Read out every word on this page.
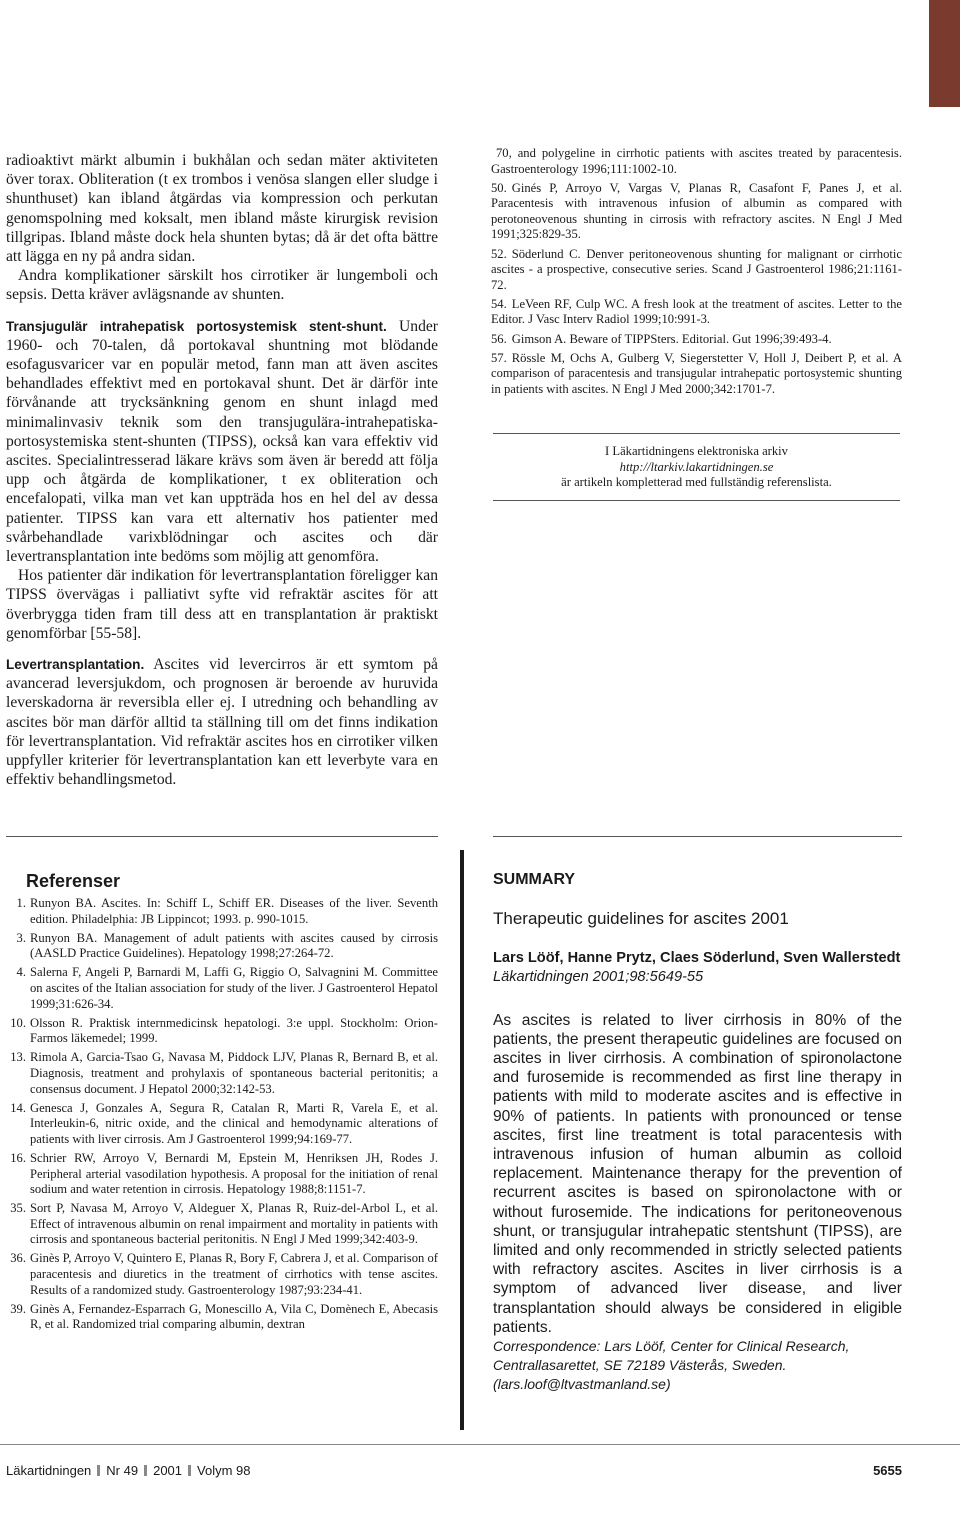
radioaktivt märkt albumin i bukhålan och sedan mäter aktiviteten över torax. Obliteration (t ex trombos i venösa slangen eller sludge i shunthuset) kan ibland åtgärdas via kompression och perkutan genomspolning med koksalt, men ibland måste kirurgisk revision tillgripas. Ibland måste dock hela shunten bytas; då är det ofta bättre att lägga en ny på andra sidan.

Andra komplikationer särskilt hos cirrotiker är lungemboli och sepsis. Detta kräver avlägsnande av shunten.

Transjugulär intrahepatisk portosystemisk stent-shunt. Under 1960- och 70-talen, då portokaval shuntning mot blödande esofagusvaricer var en populär metod, fann man att även ascites behandlades effektivt med en portokaval shunt. Det är därför inte förvånande att trycksänkning genom en shunt inlagd med minimalinvasiv teknik som den transjugulära-intrahepatiska-portosystemiska stent-shunten (TIPSS), också kan vara effektiv vid ascites. Specialintresserad läkare krävs som även är beredd att följa upp och åtgärda de komplikationer, t ex obliteration och encefalopati, vilka man vet kan uppträda hos en hel del av dessa patienter. TIPSS kan vara ett alternativ hos patienter med svårbehandlade varixblödningar och ascites och där levertransplantation inte bedöms som möjlig att genomföra.

Hos patienter där indikation för levertransplantation föreligger kan TIPSS övervägas i palliativt syfte vid refraktär ascites för att överbrygga tiden fram till dess att en transplantation är praktiskt genomförbar [55-58].

Levertransplantation. Ascites vid levercirros är ett symtom på avancerad leversjukdom, och prognosen är beroende av huruvida leverskadorna är reversibla eller ej. I utredning och behandling av ascites bör man därför alltid ta ställning till om det finns indikation för levertransplantation. Vid refraktär ascites hos en cirrotiker vilken uppfyller kriterier för levertransplantation kan ett leverbyte vara en effektiv behandlingsmetod.

70, and polygeline in cirrhotic patients with ascites treated by paracentesis. Gastroenterology 1996;111:1002-10.
50. Ginés P, Arroyo V, Vargas V, Planas R, Casafont F, Panes J, et al. Paracentesis with intravenous infusion of albumin as compared with perotoneovenous shunting in cirrosis with refractory ascites. N Engl J Med 1991;325:829-35.
52. Söderlund C. Denver peritoneovenous shunting for malignant or cirrhotic ascites - a prospective, consecutive series. Scand J Gastroenterol 1986;21:1161-72.
54. LeVeen RF, Culp WC. A fresh look at the treatment of ascites. Letter to the Editor. J Vasc Interv Radiol 1999;10:991-3.
56. Gimson A. Beware of TIPPSters. Editorial. Gut 1996;39:493-4.
57. Rössle M, Ochs A, Gulberg V, Siegerstetter V, Holl J, Deibert P, et al. A comparison of paracentesis and transjugular intrahepatic portosystemic shunting in patients with ascites. N Engl J Med 2000;342:1701-7.
I Läkartidningens elektroniska arkiv
http://ltarkiv.lakartidningen.se
är artikeln kompletterad med fullständig referenslista.
Referenser
1. Runyon BA. Ascites. In: Schiff L, Schiff ER. Diseases of the liver. Seventh edition. Philadelphia: JB Lippincot; 1993. p. 990-1015.
3. Runyon BA. Management of adult patients with ascites caused by cirrosis (AASLD Practice Guidelines). Hepatology 1998;27:264-72.
4. Salerna F, Angeli P, Barnardi M, Laffi G, Riggio O, Salvagnini M. Committee on ascites of the Italian association for study of the liver. J Gastroenterol Hepatol 1999;31:626-34.
10. Olsson R. Praktisk internmedicinsk hepatologi. 3:e uppl. Stockholm: Orion-Farmos läkemedel; 1999.
13. Rimola A, Garcia-Tsao G, Navasa M, Piddock LJV, Planas R, Bernard B, et al. Diagnosis, treatment and prohylaxis of spontaneous bacterial peritonitis; a consensus document. J Hepatol 2000;32:142-53.
14. Genesca J, Gonzales A, Segura R, Catalan R, Marti R, Varela E, et al. Interleukin-6, nitric oxide, and the clinical and hemodynamic alterations of patients with liver cirrosis. Am J Gastroenterol 1999;94:169-77.
16. Schrier RW, Arroyo V, Bernardi M, Epstein M, Henriksen JH, Rodes J. Peripheral arterial vasodilation hypothesis. A proposal for the initiation of renal sodium and water retention in cirrosis. Hepatology 1988;8:1151-7.
35. Sort P, Navasa M, Arroyo V, Aldeguer X, Planas R, Ruiz-del-Arbol L, et al. Effect of intravenous albumin on renal impairment and mortality in patients with cirrosis and spontaneous bacterial peritonitis. N Engl J Med 1999;342:403-9.
36. Ginès P, Arroyo V, Quintero E, Planas R, Bory F, Cabrera J, et al. Comparison of paracentesis and diuretics in the treatment of cirrhotics with tense ascites. Results of a randomized study. Gastroenterology 1987;93:234-41.
39. Ginès A, Fernandez-Esparrach G, Monescillo A, Vila C, Domènech E, Abecasis R, et al. Randomized trial comparing albumin, dextran

SUMMARY

Therapeutic guidelines for ascites 2001

Lars Lööf, Hanne Prytz, Claes Söderlund, Sven Wallerstedt

Läkartidningen 2001;98:5649-55

As ascites is related to liver cirrhosis in 80% of the patients, the present therapeutic guidelines are focused on ascites in liver cirrhosis. A combination of spironolactone and furosemide is recommended as first line therapy in patients with mild to moderate ascites and is effective in 90% of patients. In patients with pronounced or tense ascites, first line treatment is total paracentesis with intravenous infusion of human albumin as colloid replacement. Maintenance therapy for the prevention of recurrent ascites is based on spironolactone with or without furosemide. The indications for peritoneovenous shunt, or transjugular intrahepatic stentshunt (TIPSS), are limited and only recommended in strictly selected patients with refractory ascites. Ascites in liver cirrhosis is a symptom of advanced liver disease, and liver transplantation should always be considered in eligible patients.

Correspondence: Lars Lööf, Center for Clinical Research, Centrallasarettet, SE 72189 Västerås, Sweden.

(lars.loof@ltvastmanland.se)

Läkartidningen Nr 49 2001 Volym 98	5655
